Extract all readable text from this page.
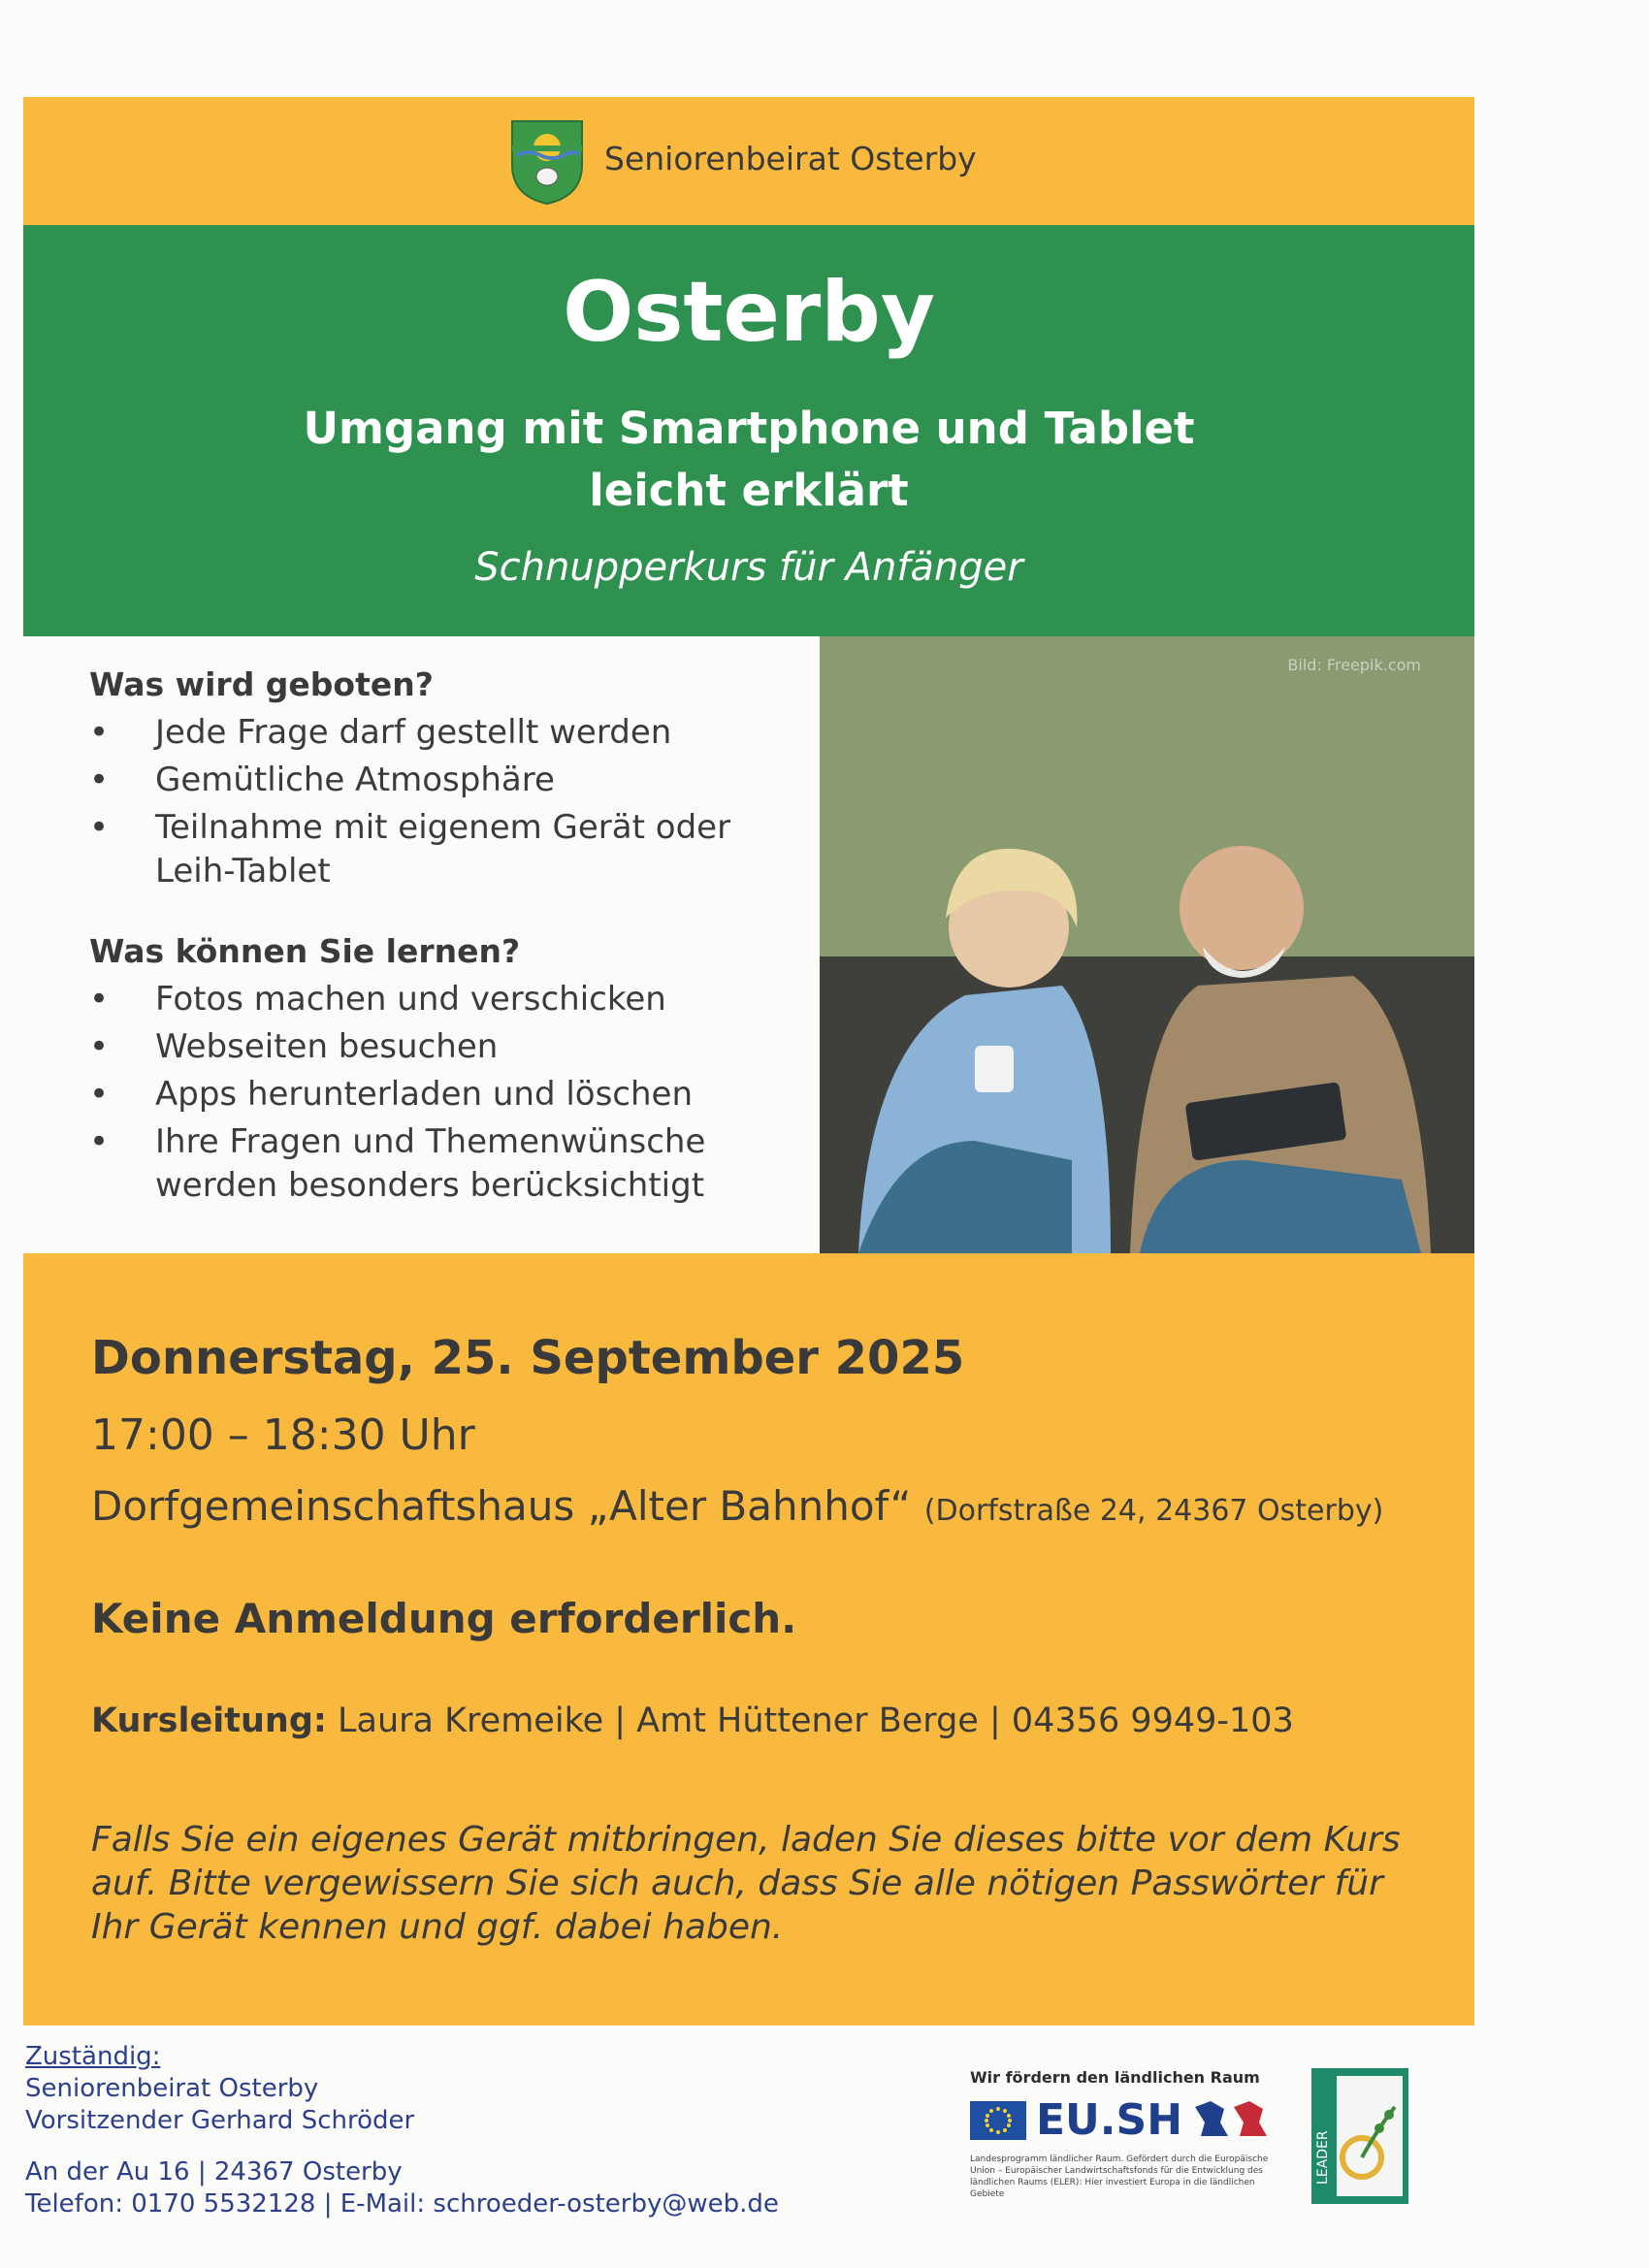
Seniorenbeirat Osterby
Osterby
Umgang mit Smartphone und Tablet
leicht erklärt
Schnupperkurs für Anfänger
Was wird geboten?
• Jede Frage darf gestellt werden
• Gemütliche Atmosphäre
• Teilnahme mit eigenem Gerät oder Leih-Tablet
Was können Sie lernen?
• Fotos machen und verschicken
• Webseiten besuchen
• Apps herunterladen und löschen
• Ihre Fragen und Themenwünsche werden besonders berücksichtigt
Bild: Freepik.com
Donnerstag, 25. September 2025
17:00 – 18:30 Uhr
Dorfgemeinschaftshaus „Alter Bahnhof“ (Dorfstraße 24, 24367 Osterby)
Keine Anmeldung erforderlich.
Kursleitung: Laura Kremeike | Amt Hüttener Berge | 04356 9949-103
Falls Sie ein eigenes Gerät mitbringen, laden Sie dieses bitte vor dem Kurs auf. Bitte vergewissern Sie sich auch, dass Sie alle nötigen Passwörter für Ihr Gerät kennen und ggf. dabei haben.
Zuständig:
Seniorenbeirat Osterby
Vorsitzender Gerhard Schröder
An der Au 16 | 24367 Osterby
Telefon: 0170 5532128 | E-Mail: schroeder-osterby@web.de
Wir fördern den ländlichen Raum
EU.SH
Landesprogramm ländlicher Raum. Gefördert durch die Europäische Union – Europäischer Landwirtschaftsfonds für die Entwicklung des ländlichen Raums (ELER): Hier investiert Europa in die ländlichen Gebiete
LEADER
